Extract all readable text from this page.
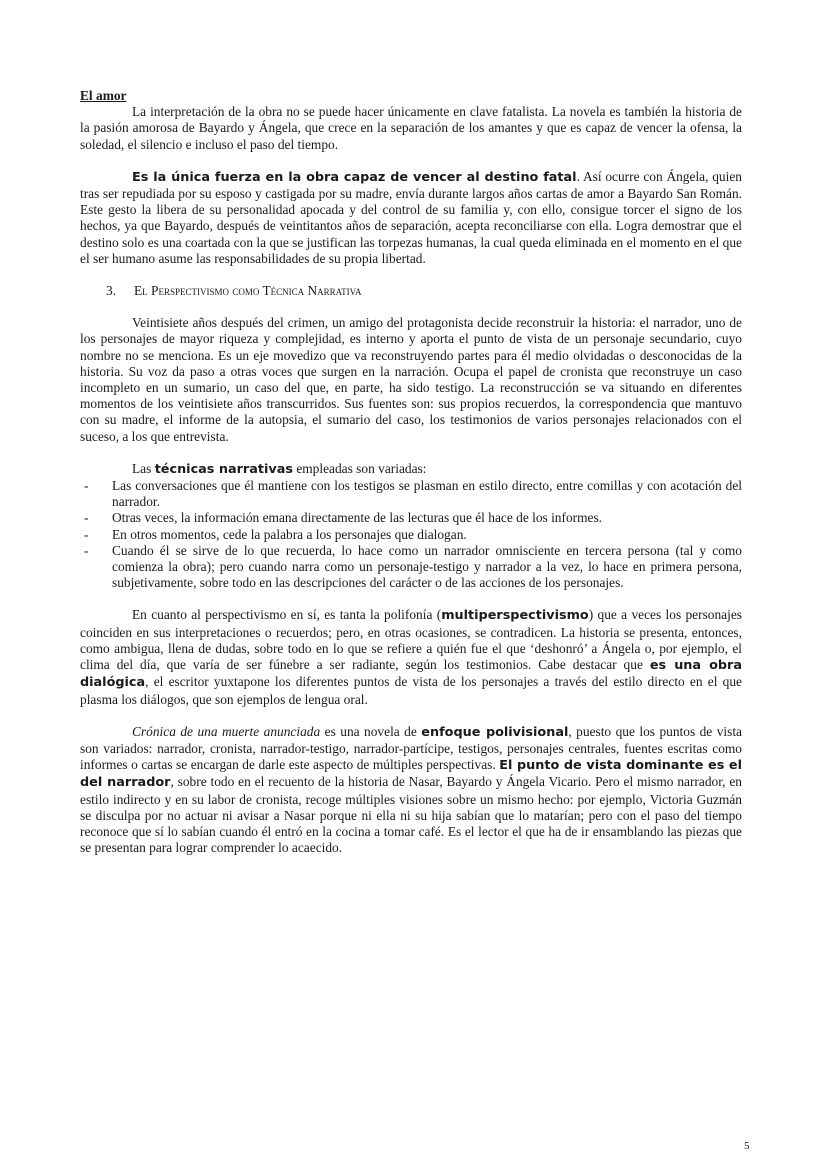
El amor

La interpretación de la obra no se puede hacer únicamente en clave fatalista. La novela es también la historia de la pasión amorosa de Bayardo y Ángela, que crece en la separación de los amantes y que es capaz de vencer la ofensa, la soledad, el silencio e incluso el paso del tiempo.

Es la única fuerza en la obra capaz de vencer al destino fatal. Así ocurre con Ángela, quien tras ser repudiada por su esposo y castigada por su madre, envía durante largos años cartas de amor a Bayardo San Román. Este gesto la libera de su personalidad apocada y del control de su familia y, con ello, consigue torcer el signo de los hechos, ya que Bayardo, después de veintitantos años de separación, acepta reconciliarse con ella. Logra demostrar que el destino solo es una coartada con la que se justifican las torpezas humanas, la cual queda eliminada en el momento en el que el ser humano asume las responsabilidades de su propia libertad.

3. El Perspectivismo como Técnica Narrativa

Veintisiete años después del crimen, un amigo del protagonista decide reconstruir la historia: el narrador, uno de los personajes de mayor riqueza y complejidad, es interno y aporta el punto de vista de un personaje secundario, cuyo nombre no se menciona. Es un eje movedizo que va reconstruyendo partes para él medio olvidadas o desconocidas de la historia. Su voz da paso a otras voces que surgen en la narración. Ocupa el papel de cronista que reconstruye un caso incompleto en un sumario, un caso del que, en parte, ha sido testigo. La reconstrucción se va situando en diferentes momentos de los veintisiete años transcurridos. Sus fuentes son: sus propios recuerdos, la correspondencia que mantuvo con su madre, el informe de la autopsia, el sumario del caso, los testimonios de varios personajes relacionados con el suceso, a los que entrevista.

Las técnicas narrativas empleadas son variadas:

- Las conversaciones que él mantiene con los testigos se plasman en estilo directo, entre comillas y con acotación del narrador.
- Otras veces, la información emana directamente de las lecturas que él hace de los informes.
- En otros momentos, cede la palabra a los personajes que dialogan.
- Cuando él se sirve de lo que recuerda, lo hace como un narrador omnisciente en tercera persona (tal y como comienza la obra); pero cuando narra como un personaje-testigo y narrador a la vez, lo hace en primera persona, subjetivamente, sobre todo en las descripciones del carácter o de las acciones de los personajes.

En cuanto al perspectivismo en sí, es tanta la polifonía (multiperspectivismo) que a veces los personajes coinciden en sus interpretaciones o recuerdos; pero, en otras ocasiones, se contradicen. La historia se presenta, entonces, como ambigua, llena de dudas, sobre todo en lo que se refiere a quién fue el que ‘deshonró’ a Ángela o, por ejemplo, el clima del día, que varía de ser fúnebre a ser radiante, según los testimonios. Cabe destacar que es una obra dialógica, el escritor yuxtapone los diferentes puntos de vista de los personajes a través del estilo directo en el que plasma los diálogos, que son ejemplos de lengua oral.

Crónica de una muerte anunciada es una novela de enfoque polivisional, puesto que los puntos de vista son variados: narrador, cronista, narrador-testigo, narrador-partícipe, testigos, personajes centrales, fuentes escritas como informes o cartas se encargan de darle este aspecto de múltiples perspectivas. El punto de vista dominante es el del narrador, sobre todo en el recuento de la historia de Nasar, Bayardo y Ángela Vicario. Pero el mismo narrador, en estilo indirecto y en su labor de cronista, recoge múltiples visiones sobre un mismo hecho: por ejemplo, Victoria Guzmán se disculpa por no actuar ni avisar a Nasar porque ni ella ni su hija sabían que lo matarían; pero con el paso del tiempo reconoce que sí lo sabían cuando él entró en la cocina a tomar café. Es el lector el que ha de ir ensamblando las piezas que se presentan para lograr comprender lo acaecido.

5
